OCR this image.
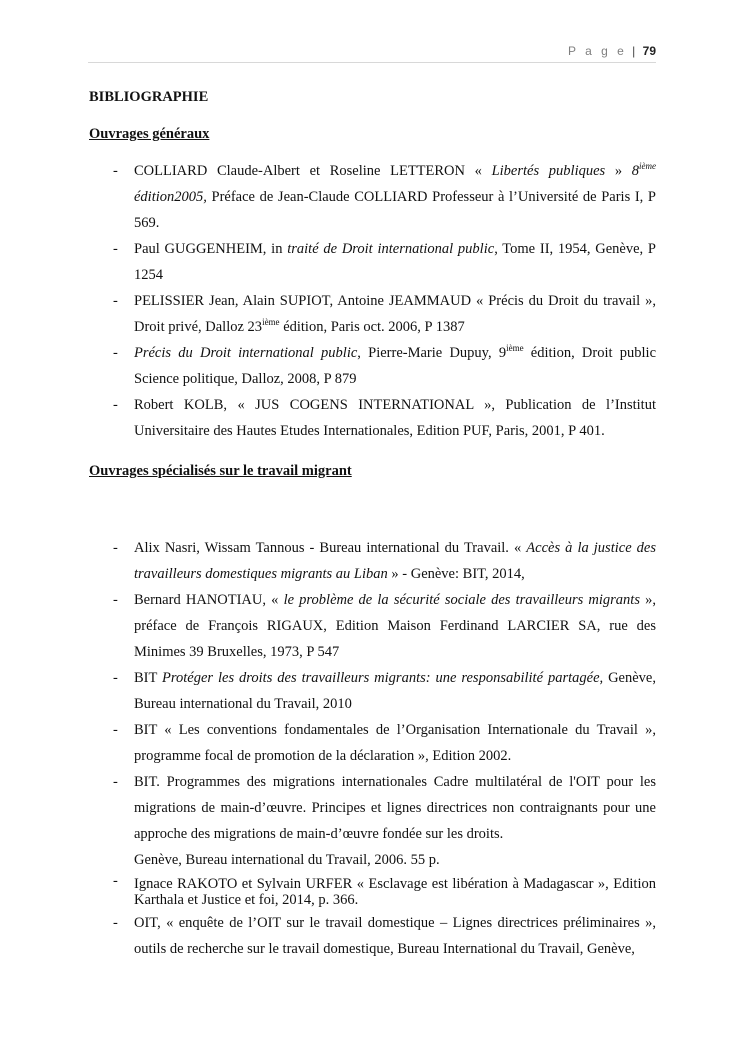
P a g e | 79

BIBLIOGRAPHIE

Ouvrages généraux

- COLLIARD Claude-Albert et Roseline LETTERON « Libertés publiques » 8ième édition2005, Préface de Jean-Claude COLLIARD Professeur à l’Université de Paris I, P 569.
- Paul GUGGENHEIM, in traité de Droit international public, Tome II, 1954, Genève, P 1254
- PELISSIER Jean, Alain SUPIOT, Antoine JEAMMAUD « Précis du Droit du travail », Droit privé, Dalloz 23ième édition, Paris oct. 2006, P 1387
- Précis du Droit international public, Pierre-Marie Dupuy, 9ième édition, Droit public Science politique, Dalloz, 2008, P 879
- Robert KOLB, « JUS COGENS INTERNATIONAL », Publication de l’Institut Universitaire des Hautes Etudes Internationales, Edition PUF, Paris, 2001, P 401.

Ouvrages spécialisés sur le travail migrant

- Alix Nasri, Wissam Tannous - Bureau international du Travail. « Accès à la justice des travailleurs domestiques migrants au Liban » - Genève: BIT, 2014,
- Bernard HANOTIAU, « le problème de la sécurité sociale des travailleurs migrants », préface de François RIGAUX, Edition Maison Ferdinand LARCIER SA, rue des Minimes 39 Bruxelles, 1973, P 547
- BIT Protéger les droits des travailleurs migrants: une responsabilité partagée, Genève, Bureau international du Travail, 2010
- BIT « Les conventions fondamentales de l’Organisation Internationale du Travail », programme focal de promotion de la déclaration », Edition 2002.
- BIT. Programmes des migrations internationales Cadre multilatéral de l'OIT pour les migrations de main-d’œuvre. Principes et lignes directrices non contraignants pour une approche des migrations de main-d’œuvre fondée sur les droits.
Genève, Bureau international du Travail, 2006. 55 p.
- Ignace RAKOTO et Sylvain URFER « Esclavage est libération à Madagascar », Edition Karthala et Justice et foi, 2014, p. 366.
- OIT, « enquête de l’OIT sur le travail domestique – Lignes directrices préliminaires », outils de recherche sur le travail domestique, Bureau International du Travail, Genève,
